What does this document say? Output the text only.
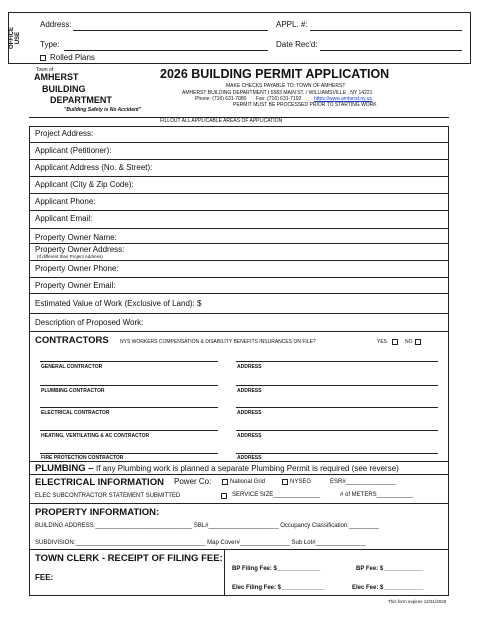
OFFICE USE
Address:	APPL. #:
Type:	Date Rec'd:
Rolled Plans
Town of
AMHERST
BUILDING
DEPARTMENT
"Building Safety is No Accident"
2026 BUILDING PERMIT APPLICATION
MAKE CHECKS PAYABLE TO: TOWN OF AMHERST
AMHERST BUILDING DEPARTMENT I 5583 MAIN ST. / WILLIAMSVILLE , NY 14221
Phone: (716) 631-7080 Fax: (716) 631-7192	https://www.amherst.ny.us
PERMIT MUST BE PROCESSED PRIOR TO STARTING WORK
FILLOUT ALL APPLICABLE AREAS OF APPLICATION
Project Address:
Applicant (Petitioner):
Applicant Address (No. & Street):
Applicant (City & Zip Code):
Applicant Phone:
Applicant Email:
Property Owner Name:
Property Owner Address:
(If different than Project Address)
Property Owner Phone:
Property Owner Email:
Estimated Value of Work (Exclusive of Land): $
Description of Proposed Work:
CONTRACTORS NYS WORKERS COMPENSATION & DISABILITY BENEFITS INSURANCES ON FILE?	YES	NO
GENERAL CONTRACTOR	ADDRESS
PLUMBING CONTRACTOR	ADDRESS
ELECTRICAL CONTRACTOR	ADDRESS
HEATING, VENTILATING & AC CONTRACTOR	ADDRESS
FIRE PROTECTION CONTRACTOR	ADDRESS
PLUMBING – If any Plumbing work is planned a separate Plumbing Permit is required (see reverse)
ELECTRICAL INFORMATION Power Co:	National Grid	NYSEG	ESR#_______________
ELEC SUBCONTRACTOR STATEMENT SUBMITTED	SERVICE SIZE______________	# of METERS___________
PROPERTY INFORMATION:
BUILDING ADDRESS:_____________________________ SBL#_____________________ Occupancy Classification:_________
SUBDIVISION:_______________________________________ Map Cover#_______________ Sub Lot#_______________
TOWN CLERK - RECEIPT OF FILING FEE:
FEE:
BP Filing Fee: $_____________	BP Fee: $____________
Elec Filing Fee: $_____________	Elec Fee: $____________
This form expires 12/31/2026
